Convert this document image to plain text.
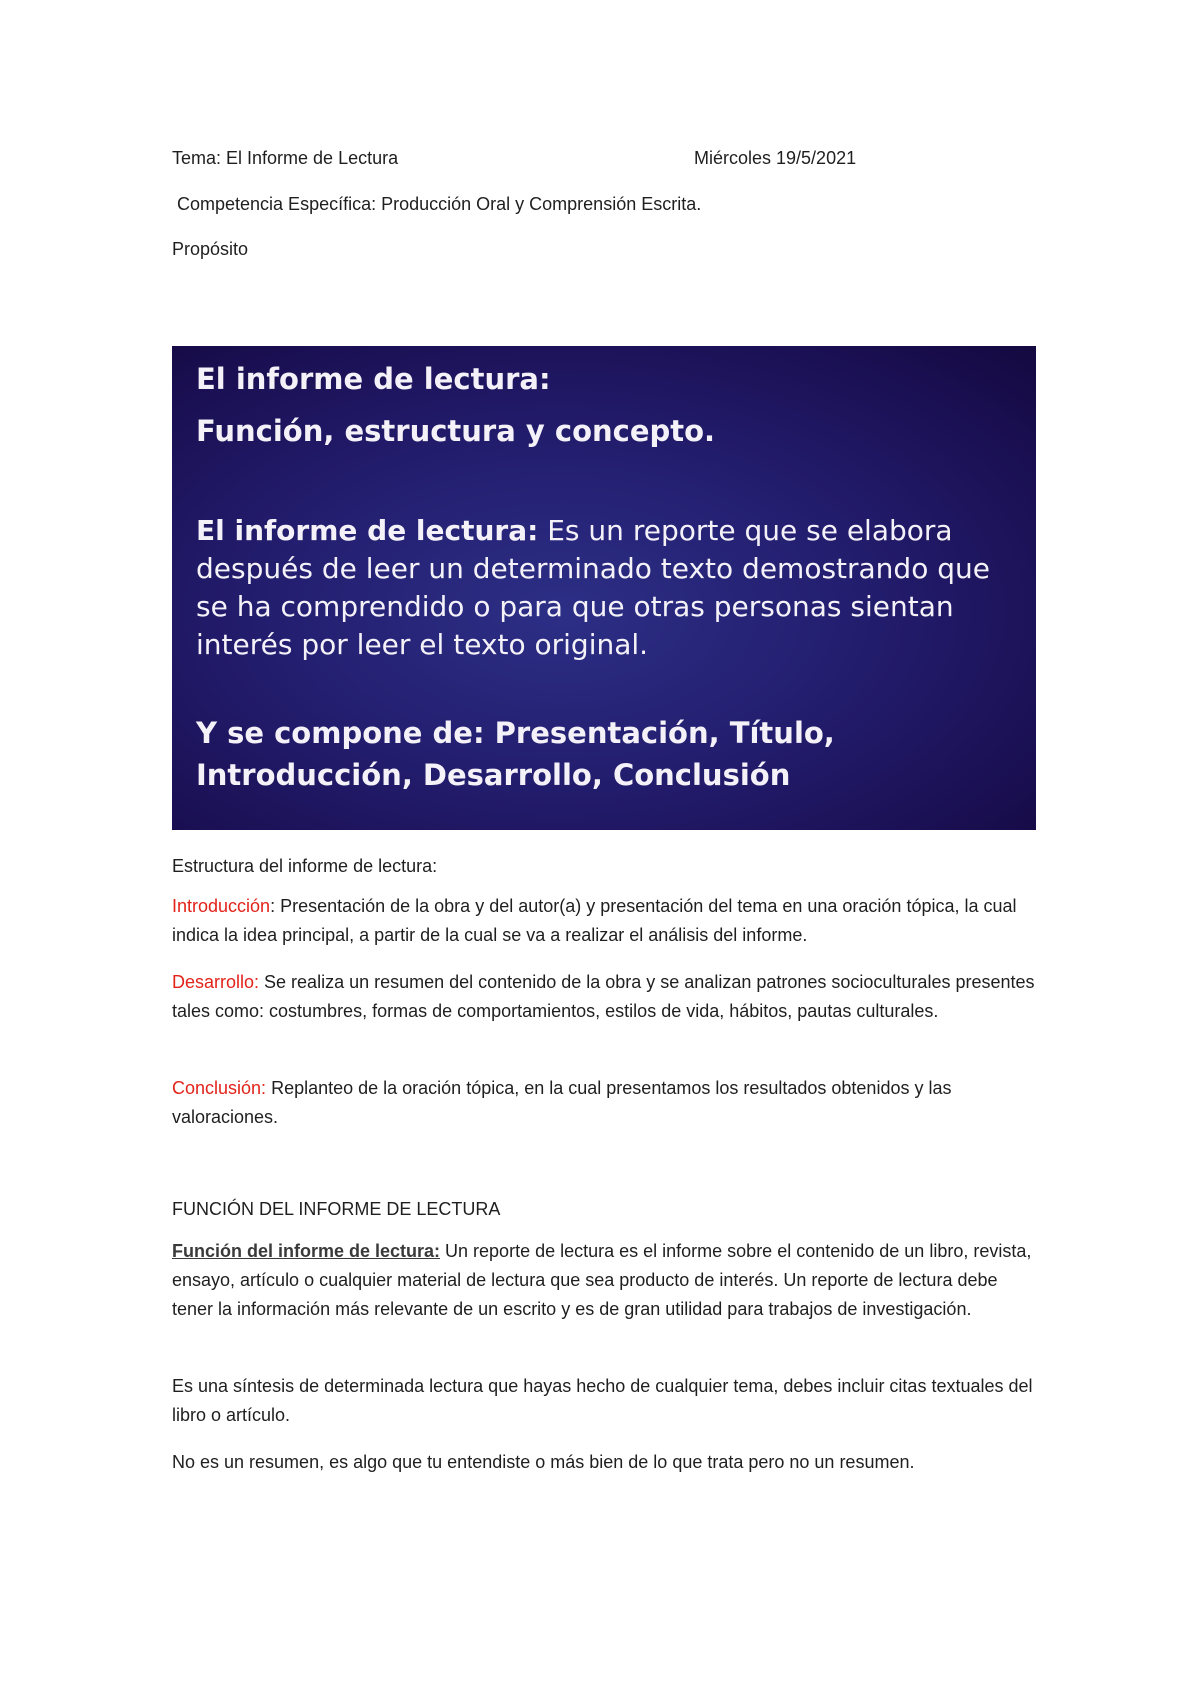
Tema: El Informe de Lectura	Miércoles 19/5/2021
Competencia Específica: Producción Oral y Comprensión Escrita.
Propósito
El informe de lectura:
Función, estructura y concepto.
El informe de lectura: Es un reporte que se elabora después de leer un determinado texto demostrando que se ha comprendido o para que otras personas sientan interés por leer el texto original.
Y se compone de: Presentación, Título, Introducción, Desarrollo, Conclusión
Estructura del informe de lectura:
Introducción: Presentación de la obra y del autor(a) y presentación del tema en una oración tópica, la cual indica la idea principal, a partir de la cual se va a realizar el análisis del informe.
Desarrollo: Se realiza un resumen del contenido de la obra y se analizan patrones socioculturales presentes tales como: costumbres, formas de comportamientos, estilos de vida, hábitos, pautas culturales.
Conclusión: Replanteo de la oración tópica, en la cual presentamos los resultados obtenidos y las valoraciones.
FUNCIÓN DEL INFORME DE LECTURA
Función del informe de lectura: Un reporte de lectura es el informe sobre el contenido de un libro, revista, ensayo, artículo o cualquier material de lectura que sea producto de interés. Un reporte de lectura debe tener la información más relevante de un escrito y es de gran utilidad para trabajos de investigación.
Es una síntesis de determinada lectura que hayas hecho de cualquier tema, debes incluir citas textuales del libro o artículo.
No es un resumen, es algo que tu entendiste o más bien de lo que trata pero no un resumen.
